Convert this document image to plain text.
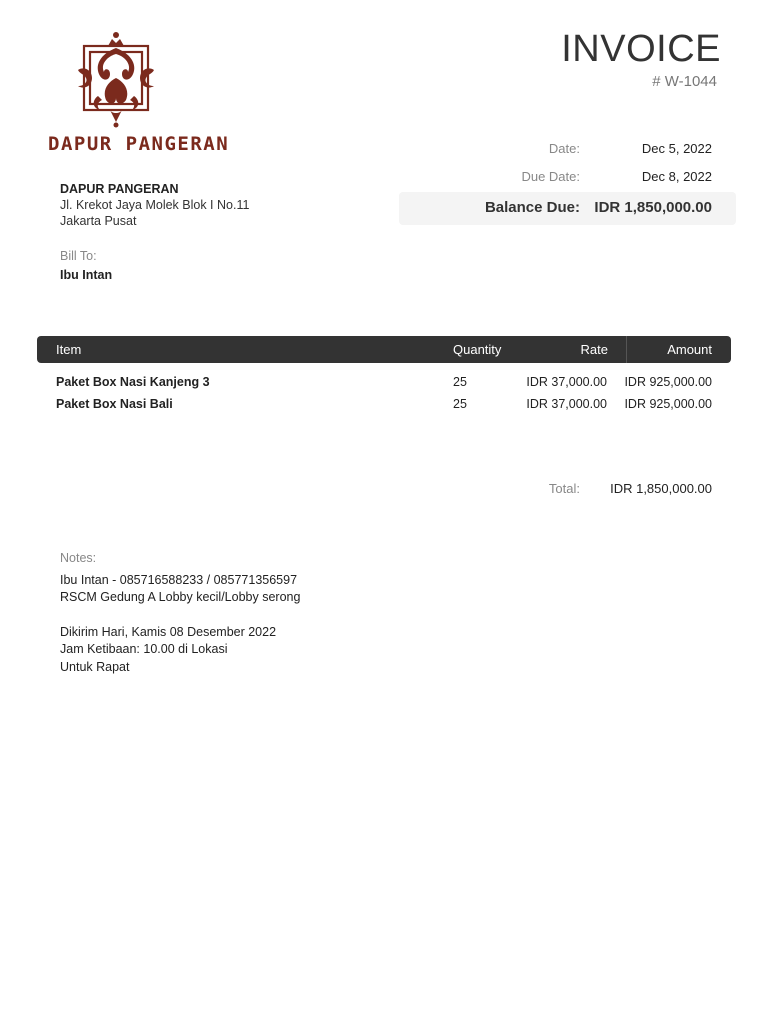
DAPUR PANGERAN
INVOICE
# W-1044
Date:	Dec 5, 2022
Due Date:	Dec 8, 2022
Balance Due: IDR 1,850,000.00
DAPUR PANGERAN
Jl. Krekot Jaya Molek Blok I No.11
Jakarta Pusat
Bill To:
Ibu Intan
Item	Quantity	Rate	Amount
Paket Box Nasi Kanjeng 3	25	IDR 37,000.00	IDR 925,000.00
Paket Box Nasi Bali	25	IDR 37,000.00	IDR 925,000.00
Total:	IDR 1,850,000.00
Notes:
Ibu Intan - 085716588233 / 085771356597
RSCM Gedung A Lobby kecil/Lobby serong
Dikirim Hari, Kamis 08 Desember 2022
Jam Ketibaan: 10.00 di Lokasi
Untuk Rapat
